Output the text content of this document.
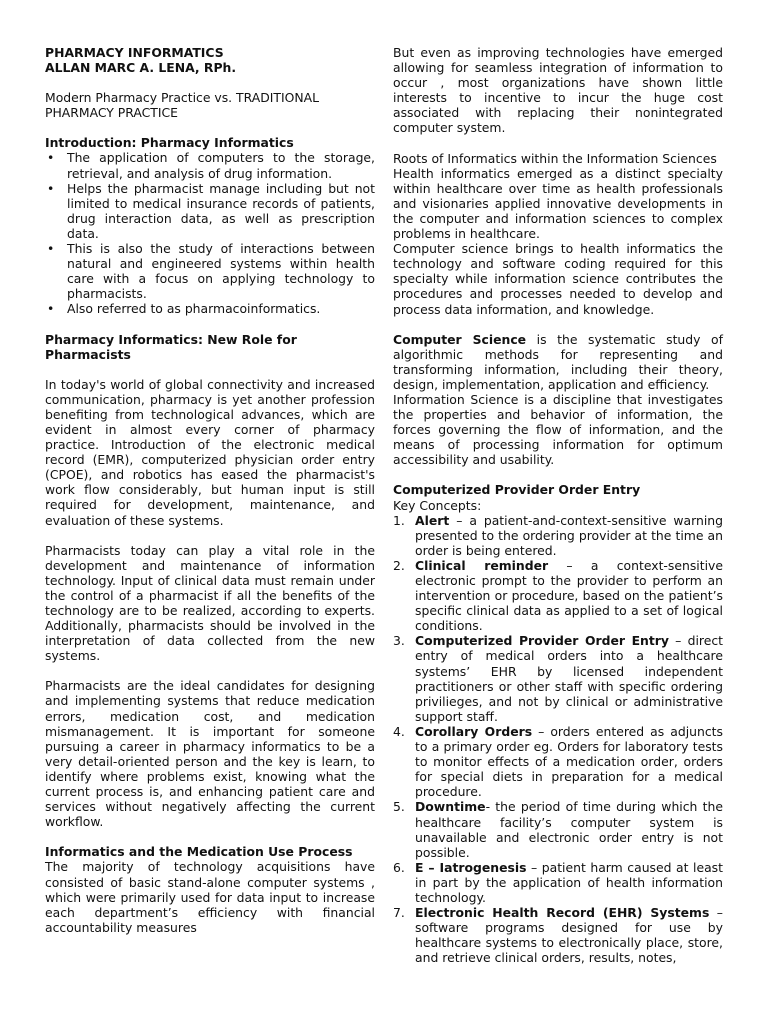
PHARMACY INFORMATICS
ALLAN MARC A. LENA, RPh.

Modern Pharmacy Practice vs. TRADITIONAL PHARMACY PRACTICE

Introduction: Pharmacy Informatics
• The application of computers to the storage, retrieval, and analysis of drug information.
• Helps the pharmacist manage including but not limited to medical insurance records of patients, drug interaction data, as well as prescription data.
• This is also the study of interactions between natural and engineered systems within health care with a focus on applying technology to pharmacists.
• Also referred to as pharmacoinformatics.
Pharmacy Informatics: New Role for Pharmacists

In today's world of global connectivity and increased communication, pharmacy is yet another profession benefiting from technological advances, which are evident in almost every corner of pharmacy practice. Introduction of the electronic medical record (EMR), computerized physician order entry (CPOE), and robotics has eased the pharmacist's work flow considerably, but human input is still required for development, maintenance, and evaluation of these systems.

Pharmacists today can play a vital role in the development and maintenance of information technology. Input of clinical data must remain under the control of a pharmacist if all the benefits of the technology are to be realized, according to experts. Additionally, pharmacists should be involved in the interpretation of data collected from the new systems.

Pharmacists are the ideal candidates for designing and implementing systems that reduce medication errors, medication cost, and medication mismanagement. It is important for someone pursuing a career in pharmacy informatics to be a very detail-oriented person and the key is learn, to identify where problems exist, knowing what the current process is, and enhancing patient care and services without negatively affecting the current workflow.

Informatics and the Medication Use Process

The majority of technology acquisitions have consisted of basic stand-alone computer systems , which were primarily used for data input to increase each department’s efficiency with financial accountability measures

But even as improving technologies have emerged allowing for seamless integration of information to occur , most organizations have shown little interests to incentive to incur the huge cost associated with replacing their nonintegrated computer system.

Roots of Informatics within the Information Sciences

Health informatics emerged as a distinct specialty within healthcare over time as health professionals and visionaries applied innovative developments in the computer and information sciences to complex problems in healthcare.

Computer science brings to health informatics the technology and software coding required for this specialty while information science contributes the procedures and processes needed to develop and process data information, and knowledge.

Computer Science is the systematic study of algorithmic methods for representing and transforming information, including their theory, design, implementation, application and efficiency.

Information Science is a discipline that investigates the properties and behavior of information, the forces governing the flow of information, and the means of processing information for optimum accessibility and usability.

Computerized Provider Order Entry
Key Concepts:
1. Alert – a patient-and-context-sensitive warning presented to the ordering provider at the time an order is being entered.
2. Clinical reminder – a context-sensitive electronic prompt to the provider to perform an intervention or procedure, based on the patient’s specific clinical data as applied to a set of logical conditions.
3. Computerized Provider Order Entry – direct entry of medical orders into a healthcare systems’ EHR by licensed independent practitioners or other staff with specific ordering privilieges, and not by clinical or administrative support staff.
4. Corollary Orders – orders entered as adjuncts to a primary order eg. Orders for laboratory tests to monitor effects of a medication order, orders for special diets in preparation for a medical procedure.
5. Downtime- the period of time during which the healthcare facility’s computer system is unavailable and electronic order entry is not possible.
6. E – Iatrogenesis – patient harm caused at least in part by the application of health information technology.
7. Electronic Health Record (EHR) Systems – software programs designed for use by healthcare systems to electronically place, store, and retrieve clinical orders, results, notes,
